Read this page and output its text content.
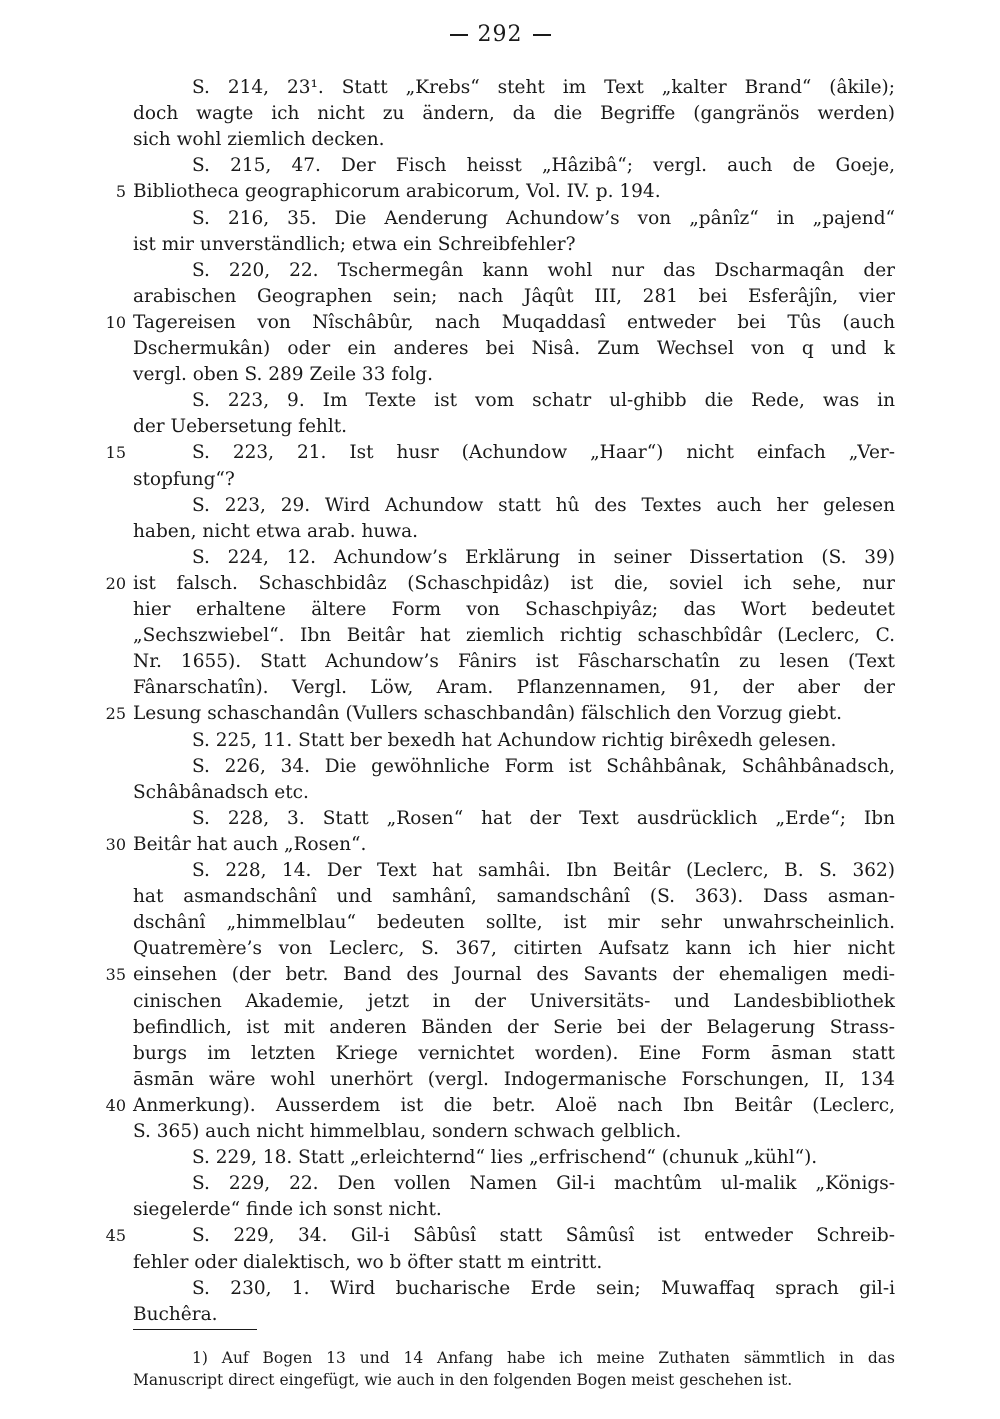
292
S. 214, 23¹. Statt „Krebs“ steht im Text „kalter Brand“ (âkile);
doch wagte ich nicht zu ändern, da die Begriffe (gangränös werden)
sich wohl ziemlich decken.
S. 215, 47. Der Fisch heisst „Hâzibâ“; vergl. auch de Goeje,
Bibliotheca geographicorum arabicorum, Vol. IV. p. 194.
S. 216, 35. Die Aenderung Achundow’s von „pânîz“ in „pajend“
ist mir unverständlich; etwa ein Schreibfehler?
S. 220, 22. Tschermegân kann wohl nur das Dscharmaqân der
arabischen Geographen sein; nach Jâqût III, 281 bei Esferâjîn, vier
Tagereisen von Nîschâbûr, nach Muqaddasî entweder bei Tûs (auch
Dschermukân) oder ein anderes bei Nisâ. Zum Wechsel von q und k
vergl. oben S. 289 Zeile 33 folg.
S. 223, 9. Im Texte ist vom schatr ul-ghibb die Rede, was in
der Uebersetung fehlt.
S. 223, 21. Ist husr (Achundow „Haar“) nicht einfach „Ver-
stopfung“?
S. 223, 29. Wird Achundow statt hû des Textes auch her gelesen
haben, nicht etwa arab. huwa.
S. 224, 12. Achundow’s Erklärung in seiner Dissertation (S. 39)
ist falsch. Schaschbidâz (Schaschpidâz) ist die, soviel ich sehe, nur
hier erhaltene ältere Form von Schaschpiyâz; das Wort bedeutet
„Sechszwiebel“. Ibn Beitâr hat ziemlich richtig schaschbîdâr (Leclerc, C.
Nr. 1655). Statt Achundow’s Fânirs ist Fâscharschatîn zu lesen (Text
Fânarschatîn). Vergl. Löw, Aram. Pflanzennamen, 91, der aber der
Lesung schaschandân (Vullers schaschbandân) fälschlich den Vorzug giebt.
S. 225, 11. Statt ber bexedh hat Achundow richtig birêxedh gelesen.
S. 226, 34. Die gewöhnliche Form ist Schâhbânak, Schâhbânadsch,
Schâbânadsch etc.
S. 228, 3. Statt „Rosen“ hat der Text ausdrücklich „Erde“; Ibn
Beitâr hat auch „Rosen“.
S. 228, 14. Der Text hat samhâi. Ibn Beitâr (Leclerc, B. S. 362)
hat asmandschânî und samhânî, samandschânî (S. 363). Dass asman-
dschânî „himmelblau“ bedeuten sollte, ist mir sehr unwahrscheinlich.
Quatremère’s von Leclerc, S. 367, citirten Aufsatz kann ich hier nicht
einsehen (der betr. Band des Journal des Savants der ehemaligen medi-
cinischen Akademie, jetzt in der Universitäts- und Landesbibliothek
befindlich, ist mit anderen Bänden der Serie bei der Belagerung Strass-
burgs im letzten Kriege vernichtet worden). Eine Form āsman statt
āsmān wäre wohl unerhört (vergl. Indogermanische Forschungen, II, 134
Anmerkung). Ausserdem ist die betr. Aloë nach Ibn Beitâr (Leclerc,
S. 365) auch nicht himmelblau, sondern schwach gelblich.
S. 229, 18. Statt „erleichternd“ lies „erfrischend“ (chunuk „kühl“).
S. 229, 22. Den vollen Namen Gil-i machtûm ul-malik „Königs-
siegelerde“ finde ich sonst nicht.
S. 229, 34. Gil-i Sâbûsî statt Sâmûsî ist entweder Schreib-
fehler oder dialektisch, wo b öfter statt m eintritt.
S. 230, 1. Wird bucharische Erde sein; Muwaffaq sprach gil-i
Buchêra.
5
10
15
20
25
30
35
40
45
1) Auf Bogen 13 und 14 Anfang habe ich meine Zuthaten sämmtlich in das
Manuscript direct eingefügt, wie auch in den folgenden Bogen meist geschehen ist.
